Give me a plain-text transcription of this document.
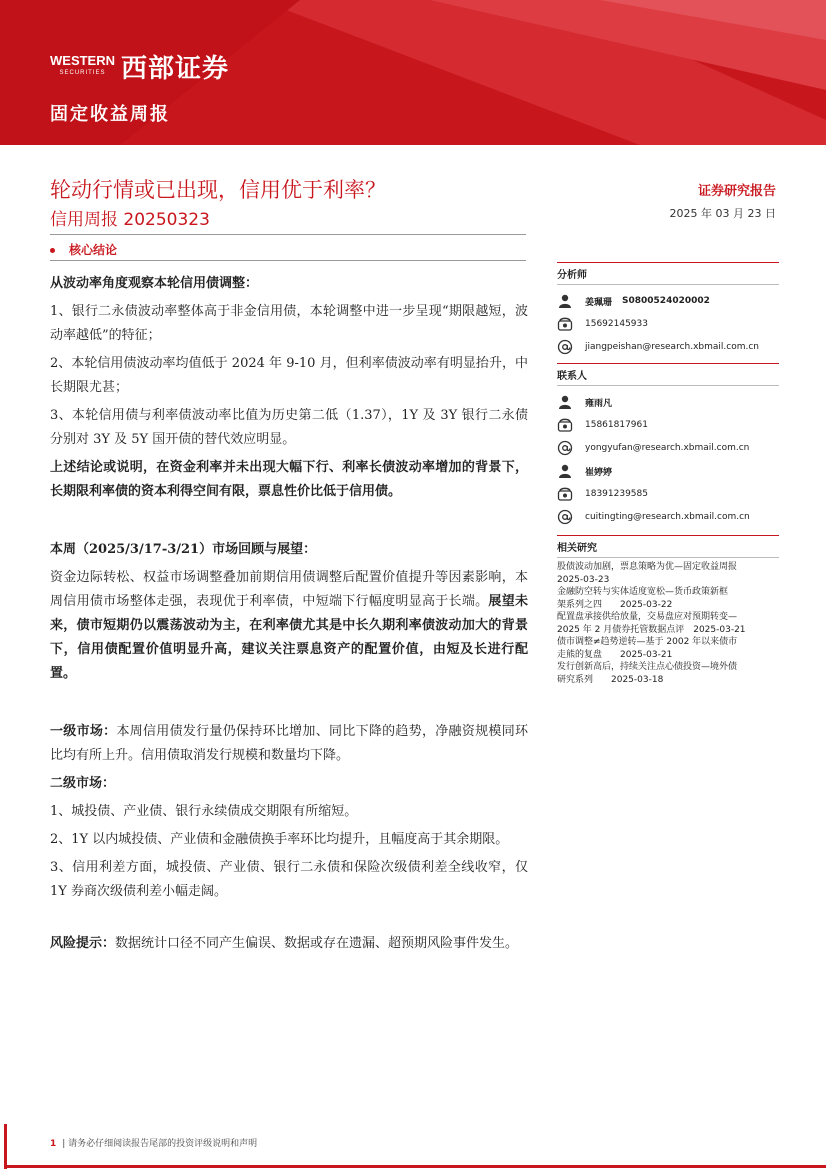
WESTERN
SECURITIES 西部证券
固定收益周报
轮动行情或已出现，信用优于利率？
信用周报 20250323
证券研究报告
2025 年 03 月 23 日
核心结论

从波动率角度观察本轮信用债调整：

1、银行二永债波动率整体高于非金信用债，本轮调整中进一步呈现“期限越短，波动率越低”的特征；

2、本轮信用债波动率均值低于 2024 年 9-10 月，但利率债波动率有明显抬升，中长期限尤甚；

3、本轮信用债与利率债波动率比值为历史第二低（1.37），1Y 及 3Y 银行二永债分别对 3Y 及 5Y 国开债的替代效应明显。

上述结论或说明，在资金利率并未出现大幅下行、利率长债波动率增加的背景下，长期限利率债的资本利得空间有限，票息性价比低于信用债。

本周（2025/3/17-3/21）市场回顾与展望：

资金边际转松、权益市场调整叠加前期信用债调整后配置价值提升等因素影响，本周信用债市场整体走强，表现优于利率债，中短端下行幅度明显高于长端。展望未来，债市短期仍以震荡波动为主，在利率债尤其是中长久期利率债波动加大的背景下，信用债配置价值明显升高，建议关注票息资产的配置价值，由短及长进行配置。

一级市场：本周信用债发行量仍保持环比增加、同比下降的趋势，净融资规模同环比均有所上升。信用债取消发行规模和数量均下降。

二级市场：

1、城投债、产业债、银行永续债成交期限有所缩短。

2、1Y 以内城投债、产业债和金融债换手率环比均提升，且幅度高于其余期限。

3、信用利差方面，城投债、产业债、银行二永债和保险次级债利差全线收窄，仅 1Y 券商次级债利差小幅走阔。

风险提示：数据统计口径不同产生偏误、数据或存在遗漏、超预期风险事件发生。

分析师
姜珮珊 S0800524020002
15692145933
jiangpeishan@research.xbmail.com.cn
联系人
雍雨凡
15861817961
yongyufan@research.xbmail.com.cn
崔婷婷
18391239585
cuitingting@research.xbmail.com.cn
相关研究
股债波动加剧，票息策略为优—固定收益周报
2025-03-23
金融防空转与实体适度宽松—货币政策新框
架系列之四　　2025-03-22
配置盘承接供给放量，交易盘应对预期转变—
2025 年 2 月债券托管数据点评　2025-03-21
债市调整≠趋势逆转—基于 2002 年以来债市
走熊的复盘　　2025-03-21
发行创新高后，持续关注点心债投资—境外债
研究系列　　2025-03-18
1 | 请务必仔细阅读报告尾部的投资评级说明和声明
